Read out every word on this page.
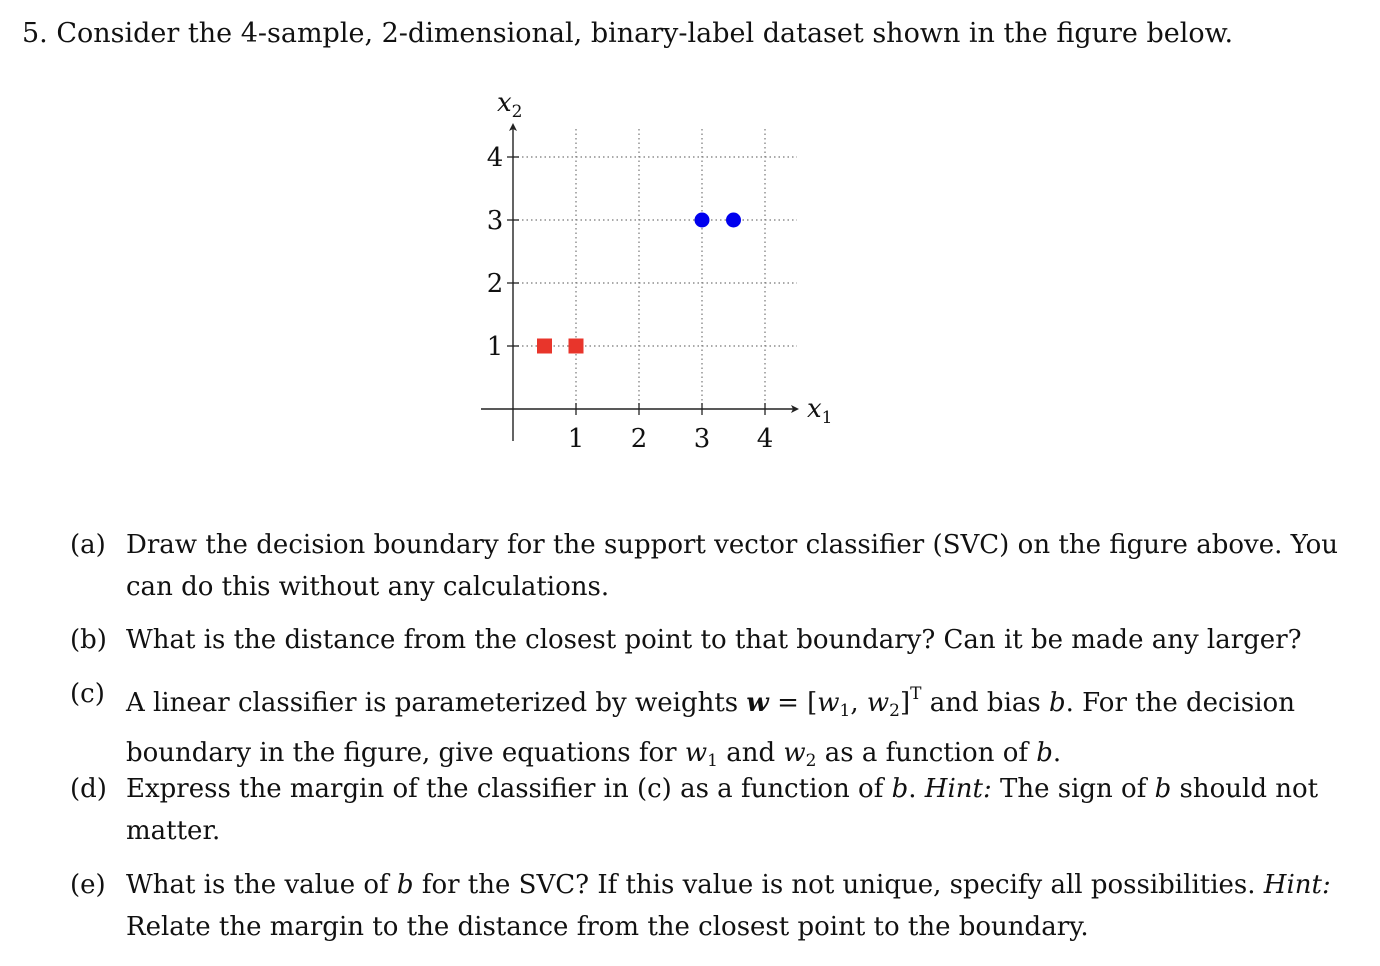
5. Consider the 4-sample, 2-dimensional, binary-label dataset shown in the figure below.
1 2 3 4
1
2
3
4
$x_1$
$x_2$
(a) Draw the decision boundary for the support vector classifier (SVC) on the figure above. You
can do this without any calculations.
(b) What is the distance from the closest point to that boundary? Can it be made any larger?
(c) A linear classifier is parameterized by weights $w = [w_1$, $w_2]^T$ and bias b. For the decision
boundary in the figure, give equations for $w_1$ and $w_2$ as a function of b.
(d) Express the margin of the classifier in (c) as a function of b. Hint: The sign of b should not
matter.
(e) What is the value of b for the SVC? If this value is not unique, specify all possibilities. Hint:
Relate the margin to the distance from the closest point to the boundary.
